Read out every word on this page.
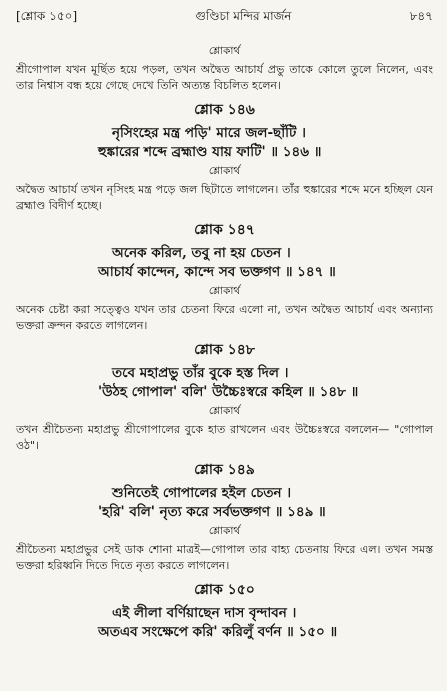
[শ্লোক ১৫০]	গুণ্ডিচা মন্দির মার্জন	৮৪৭
শ্লোকার্থ

শ্রীগোপাল যখন মূর্ছিত হয়ে পড়ল, তখন অদ্বৈত আচার্য প্রভু তাকে কোলে তুলে নিলেন, এবং তার নিশ্বাস বন্ধ হয়ে গেছে দেখে তিনি অত্যন্ত বিচলিত হলেন।

শ্লোক ১৪৬
নৃসিংহের মন্ত্র পড়ি' মারে জল-ছাঁটি ।
হুঙ্কারের শব্দে ব্রহ্মাণ্ড যায় ফাটি' ॥ ১৪৬ ॥
শ্লোকার্থ

অদ্বৈত আচার্য তখন নৃসিংহ মন্ত্র পড়ে জল ছিটাতে লাগলেন। তাঁর হুঙ্কারের শব্দে মনে হচ্ছিল যেন ব্রহ্মাণ্ড বিদীর্ণ হচ্ছে।

শ্লোক ১৪৭
অনেক করিল, তবু না হয় চেতন ।
আচার্য কান্দেন, কান্দে সব ভক্তগণ ॥ ১৪৭ ॥
শ্লোকার্থ

অনেক চেষ্টা করা সত্ত্বেও যখন তার চেতনা ফিরে এলো না, তখন অদ্বৈত আচার্য এবং অন্যান্য ভক্তরা ক্রন্দন করতে লাগলেন।

শ্লোক ১৪৮
তবে মহাপ্রভু তাঁর বুকে হস্ত দিল ।
'উঠহ গোপাল' বলি' উচ্চৈঃস্বরে কহিল ॥ ১৪৮ ॥
শ্লোকার্থ

তখন শ্রীচৈতন্য মহাপ্রভু শ্রীগোপালের বুকে হাত রাখলেন এবং উচ্চৈঃস্বরে বললেন— "গোপাল ওঠ"।

শ্লোক ১৪৯
শুনিতেই গোপালের হইল চেতন ।
'হরি' বলি' নৃত্য করে সর্বভক্তগণ ॥ ১৪৯ ॥
শ্লোকার্থ

শ্রীচৈতন্য মহাপ্রভুর সেই ডাক শোনা মাত্রই—গোপাল তার বাহ্য চেতনায় ফিরে এল। তখন সমস্ত ভক্তরা হরিধ্বনি দিতে দিতে নৃত্য করতে লাগলেন।

শ্লোক ১৫০
এই লীলা বর্ণিয়াছেন দাস বৃন্দাবন ।
অতএব সংক্ষেপে করি' করিলুঁ বর্ণন ॥ ১৫০ ॥
